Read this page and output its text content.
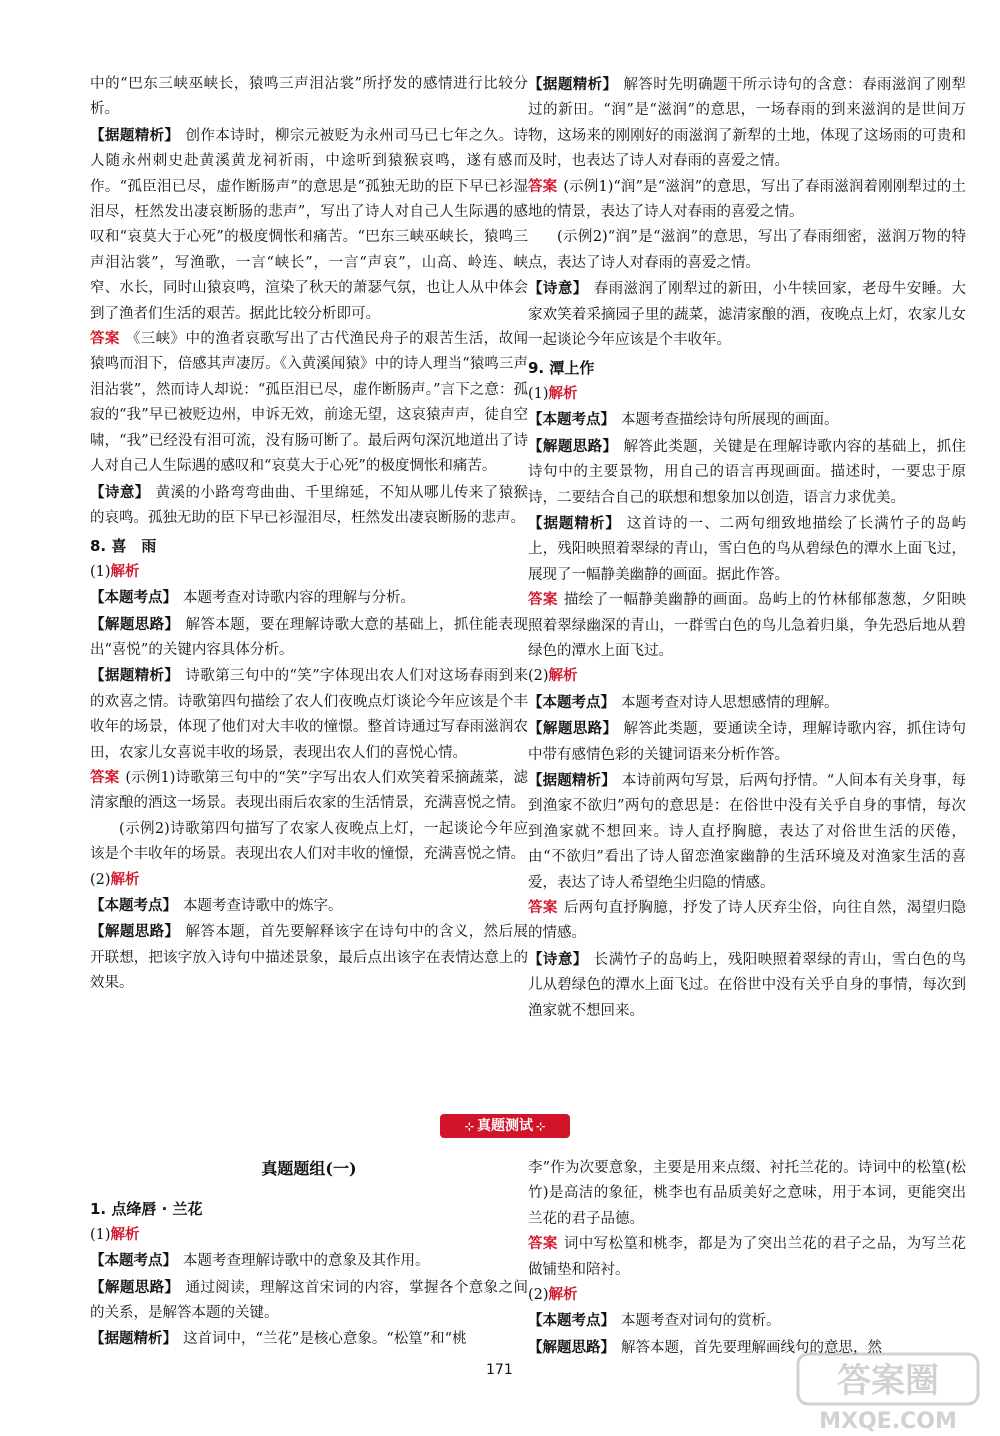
中的“巴东三峡巫峡长，猿鸣三声泪沾裳”所抒发的感情进行比较分析。

【据题精析】 创作本诗时，柳宗元被贬为永州司马已七年之久。诗人随永州刺史赴黄溪黄龙祠祈雨，中途听到猿猴哀鸣，遂有感而作。“孤臣泪已尽，虚作断肠声”的意思是“孤独无助的臣下早已衫湿泪尽，枉然发出凄哀断肠的悲声”，写出了诗人对自己人生际遇的感叹和“哀莫大于心死”的极度惆怅和痛苦。“巴东三峡巫峡长，猿鸣三声泪沾裳”，写渔歌，一言“峡长”，一言“声哀”，山高、岭连、峡窄、水长，同时山猿哀鸣，渲染了秋天的萧瑟气氛，也让人从中体会到了渔者们生活的艰苦。据此比较分析即可。

答案 《三峡》中的渔者哀歌写出了古代渔民舟子的艰苦生活，故闻猿鸣而泪下，倍感其声凄厉。《入黄溪闻猿》中的诗人理当“猿鸣三声泪沾裳”，然而诗人却说：“孤臣泪已尽，虚作断肠声。”言下之意：孤寂的“我”早已被贬边州，申诉无效，前途无望，这哀猿声声，徒自空啸，“我”已经没有泪可流，没有肠可断了。最后两句深沉地道出了诗人对自己人生际遇的感叹和“哀莫大于心死”的极度惆怅和痛苦。

【诗意】 黄溪的小路弯弯曲曲、千里绵延，不知从哪儿传来了猿猴的哀鸣。孤独无助的臣下早已衫湿泪尽，枉然发出凄哀断肠的悲声。

8. 喜　雨

(1)解析

【本题考点】 本题考查对诗歌内容的理解与分析。

【解题思路】 解答本题，要在理解诗歌大意的基础上，抓住能表现出“喜悦”的关键内容具体分析。

【据题精析】 诗歌第三句中的“笑”字体现出农人们对这场春雨到来的欢喜之情。诗歌第四句描绘了农人们夜晚点灯谈论今年应该是个丰收年的场景，体现了他们对大丰收的憧憬。整首诗通过写春雨滋润农田，农家儿女喜说丰收的场景，表现出农人们的喜悦心情。

答案 (示例1)诗歌第三句中的“笑”字写出农人们欢笑着采摘蔬菜，滤清家酿的酒这一场景。表现出雨后农家的生活情景，充满喜悦之情。

(示例2)诗歌第四句描写了农家人夜晚点上灯，一起谈论今年应该是个丰收年的场景。表现出农人们对丰收的憧憬，充满喜悦之情。

(2)解析

【本题考点】 本题考查诗歌中的炼字。

【解题思路】 解答本题，首先要解释该字在诗句中的含义，然后展开联想，把该字放入诗句中描述景象，最后点出该字在表情达意上的效果。

【据题精析】 解答时先明确题干所示诗句的含意：春雨滋润了刚犁过的新田。“润”是“滋润”的意思，一场春雨的到来滋润的是世间万物，这场来的刚刚好的雨滋润了新犁的土地，体现了这场雨的可贵和及时，也表达了诗人对春雨的喜爱之情。

答案 (示例1)“润”是“滋润”的意思，写出了春雨滋润着刚刚犁过的土地的情景，表达了诗人对春雨的喜爱之情。

(示例2)“润”是“滋润”的意思，写出了春雨细密，滋润万物的特点，表达了诗人对春雨的喜爱之情。

【诗意】 春雨滋润了刚犁过的新田，小牛犊回家，老母牛安睡。大家欢笑着采摘园子里的蔬菜，滤清家酿的酒，夜晚点上灯，农家儿女一起谈论今年应该是个丰收年。

9. 潭上作

(1)解析

【本题考点】 本题考查描绘诗句所展现的画面。

【解题思路】 解答此类题，关键是在理解诗歌内容的基础上，抓住诗句中的主要景物，用自己的语言再现画面。描述时，一要忠于原诗，二要结合自己的联想和想象加以创造，语言力求优美。

【据题精析】 这首诗的一、二两句细致地描绘了长满竹子的岛屿上，残阳映照着翠绿的青山，雪白色的鸟从碧绿色的潭水上面飞过，展现了一幅静美幽静的画面。据此作答。

答案 描绘了一幅静美幽静的画面。岛屿上的竹林郁郁葱葱，夕阳映照着翠绿幽深的青山，一群雪白色的鸟儿急着归巢，争先恐后地从碧绿色的潭水上面飞过。

(2)解析

【本题考点】 本题考查对诗人思想感情的理解。

【解题思路】 解答此类题，要通读全诗，理解诗歌内容，抓住诗句中带有感情色彩的关键词语来分析作答。

【据题精析】 本诗前两句写景，后两句抒情。“人间本有关身事，每到渔家不欲归”两句的意思是：在俗世中没有关乎自身的事情，每次到渔家就不想回来。诗人直抒胸臆，表达了对俗世生活的厌倦，由“不欲归”看出了诗人留恋渔家幽静的生活环境及对渔家生活的喜爱，表达了诗人希望绝尘归隐的情感。

答案 后两句直抒胸臆，抒发了诗人厌弃尘俗，向往自然，渴望归隐的情感。

【诗意】 长满竹子的岛屿上，残阳映照着翠绿的青山，雪白色的鸟儿从碧绿色的潭水上面飞过。在俗世中没有关乎自身的事情，每次到渔家就不想回来。

⊹ 真题测试 ⊹
真题题组(一)
1. 点绛唇 · 兰花

(1)解析

【本题考点】 本题考查理解诗歌中的意象及其作用。

【解题思路】 通过阅读，理解这首宋词的内容，掌握各个意象之间的关系，是解答本题的关键。

【据题精析】 这首词中，“兰花”是核心意象。“松篁”和“桃

李”作为次要意象，主要是用来点缀、衬托兰花的。诗词中的松篁(松竹)是高洁的象征，桃李也有品质美好之意味，用于本词，更能突出兰花的君子品德。

答案 词中写松篁和桃李，都是为了突出兰花的君子之品，为写兰花做铺垫和陪衬。

(2)解析

【本题考点】 本题考查对词句的赏析。

【解题思路】 解答本题，首先要理解画线句的意思，然

171	答案圈
MXQE.COM
